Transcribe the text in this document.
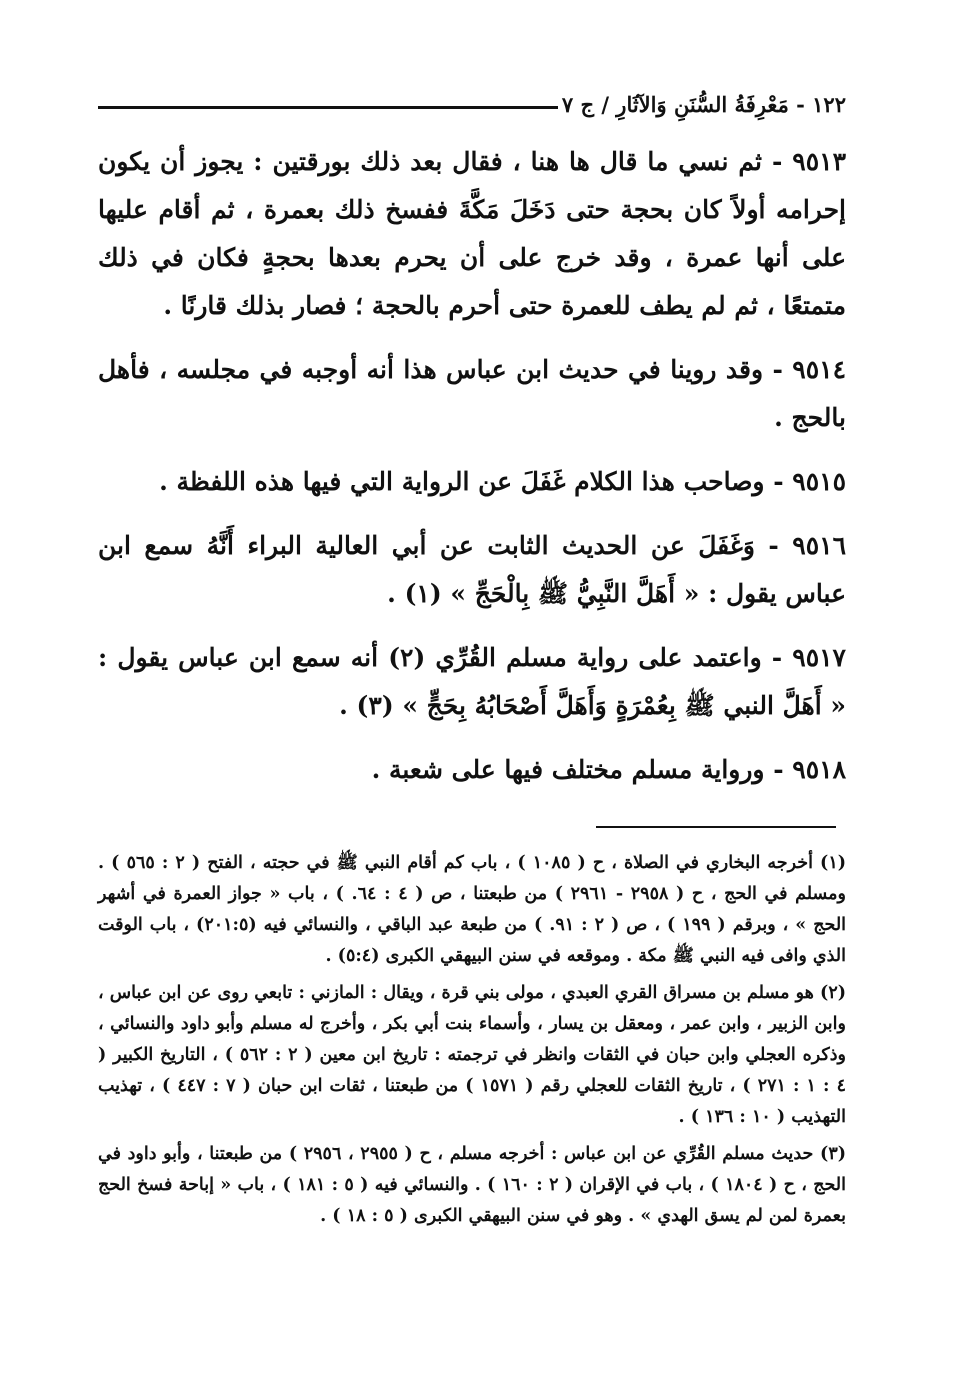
١٢٢ - مَعْرِفَةُ السُّنَنِ وَالآثَارِ / ج ٧

٩٥١٣ - ثم نسي ما قال ها هنا ، فقال بعد ذلك بورقتين : يجوز أن يكون إحرامه أولاً كان بحجة حتى دَخَلَ مَكَّةَ ففسخ ذلك بعمرة ، ثم أقام عليها على أنها عمرة ، وقد خرج على أن يحرم بعدها بحجةٍ فكان في ذلك متمتعًا ، ثم لم يطف للعمرة حتى أحرم بالحجة ؛ فصار بذلك قارنًا .

٩٥١٤ - وقد روينا في حديث ابن عباس هذا أنه أوجبه في مجلسه ، فأهل بالحج .

٩٥١٥ - وصاحب هذا الكلام غَفَلَ عن الرواية التي فيها هذه اللفظة .

٩٥١٦ - وَغَفَلَ عن الحديث الثابت عن أبي العالية البراء أَنَّهُ سمع ابن عباس يقول : « أَهَلَّ النَّبِيُّ ﷺ بِالْحَجِّ » (١) .

٩٥١٧ - واعتمد على رواية مسلم القُرِّي (٢) أنه سمع ابن عباس يقول : « أَهَلَّ النبي ﷺ بِعُمْرَةٍ وَأَهَلَّ أَصْحَابُهُ بِحَجٍّ » (٣) .

٩٥١٨ - ورواية مسلم مختلف فيها على شعبة .

(١) أخرجه البخاري في الصلاة ، ح ( ١٠٨٥ ) ، باب كم أقام النبي ﷺ في حجته ، الفتح ( ٢ : ٥٦٥ ) . ومسلم في الحج ، ح ( ٢٩٥٨ - ٢٩٦١ ) من طبعتنا ، ص ( ٤ : ٦٤. ) ، باب « جواز العمرة في أشهر الحج » ، وبرقم ( ١٩٩ ) ، ص ( ٢ : ٩١. ) من طبعة عبد الباقي ، والنسائي فيه (٢٠١:٥) ، باب الوقت الذي وافى فيه النبي ﷺ مكة . وموقعه في سنن البيهقي الكبرى (٥:٤) .

(٢) هو مسلم بن مسراق القري العبدي ، مولى بني قرة ، ويقال : المازني : تابعي روى عن ابن عباس ، وابن الزبير ، وابن عمر ، ومعقل بن يسار ، وأسماء بنت أبي بكر ، وأخرج له مسلم وأبو داود والنسائي ، وذكره العجلي وابن حبان في الثقات وانظر في ترجمته : تاريخ ابن معين ( ٢ : ٥٦٢ ) ، التاريخ الكبير ( ٤ : ١ : ٢٧١ ) ، تاريخ الثقات للعجلي رقم ( ١٥٧١ ) من طبعتنا ، ثقات ابن حبان ( ٧ : ٤٤٧ ) ، تهذيب التهذيب ( ١٠ : ١٣٦ ) .

(٣) حديث مسلم القُرِّي عن ابن عباس : أخرجه مسلم ، ح ( ٢٩٥٥ ، ٢٩٥٦ ) من طبعتنا ، وأبو داود في الحج ، ح ( ١٨٠٤ ) ، باب في الإقران ( ٢ : ١٦٠ ) . والنسائي فيه ( ٥ : ١٨١ ) ، باب « إباحة فسخ الحج بعمرة لمن لم يسق الهدي » . وهو في سنن البيهقي الكبرى ( ٥ : ١٨ ) .
